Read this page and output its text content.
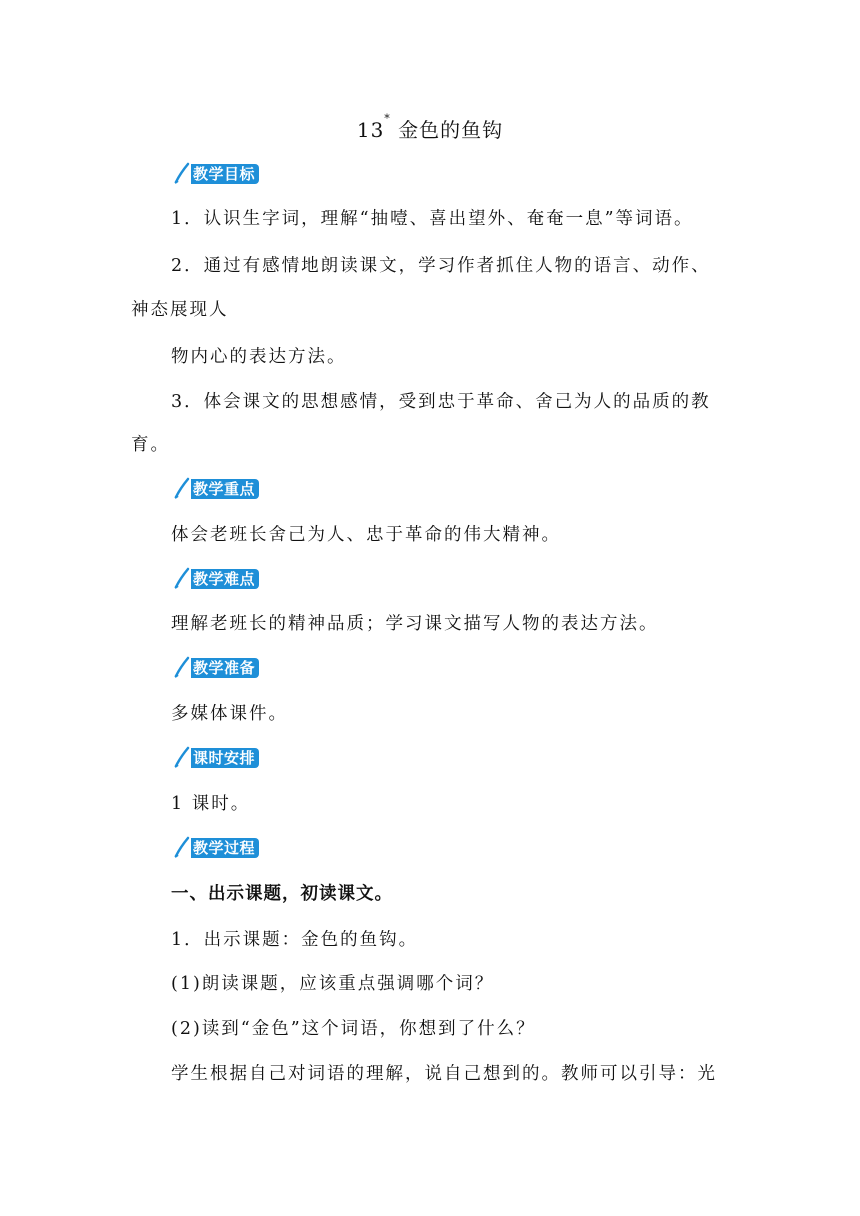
13* 金色的鱼钩
教学目标
1．认识生字词，理解“抽噎、喜出望外、奄奄一息”等词语。
2．通过有感情地朗读课文，学习作者抓住人物的语言、动作、
神态展现人
物内心的表达方法。
3．体会课文的思想感情，受到忠于革命、舍己为人的品质的教
育。
教学重点
体会老班长舍己为人、忠于革命的伟大精神。
教学难点
理解老班长的精神品质；学习课文描写人物的表达方法。
教学准备
多媒体课件。
课时安排
1 课时。
教学过程
一、出示课题，初读课文。
1．出示课题：金色的鱼钩。
(1)朗读课题，应该重点强调哪个词？
(2)读到“金色”这个词语，你想到了什么？
学生根据自己对词语的理解，说自己想到的。教师可以引导：光
